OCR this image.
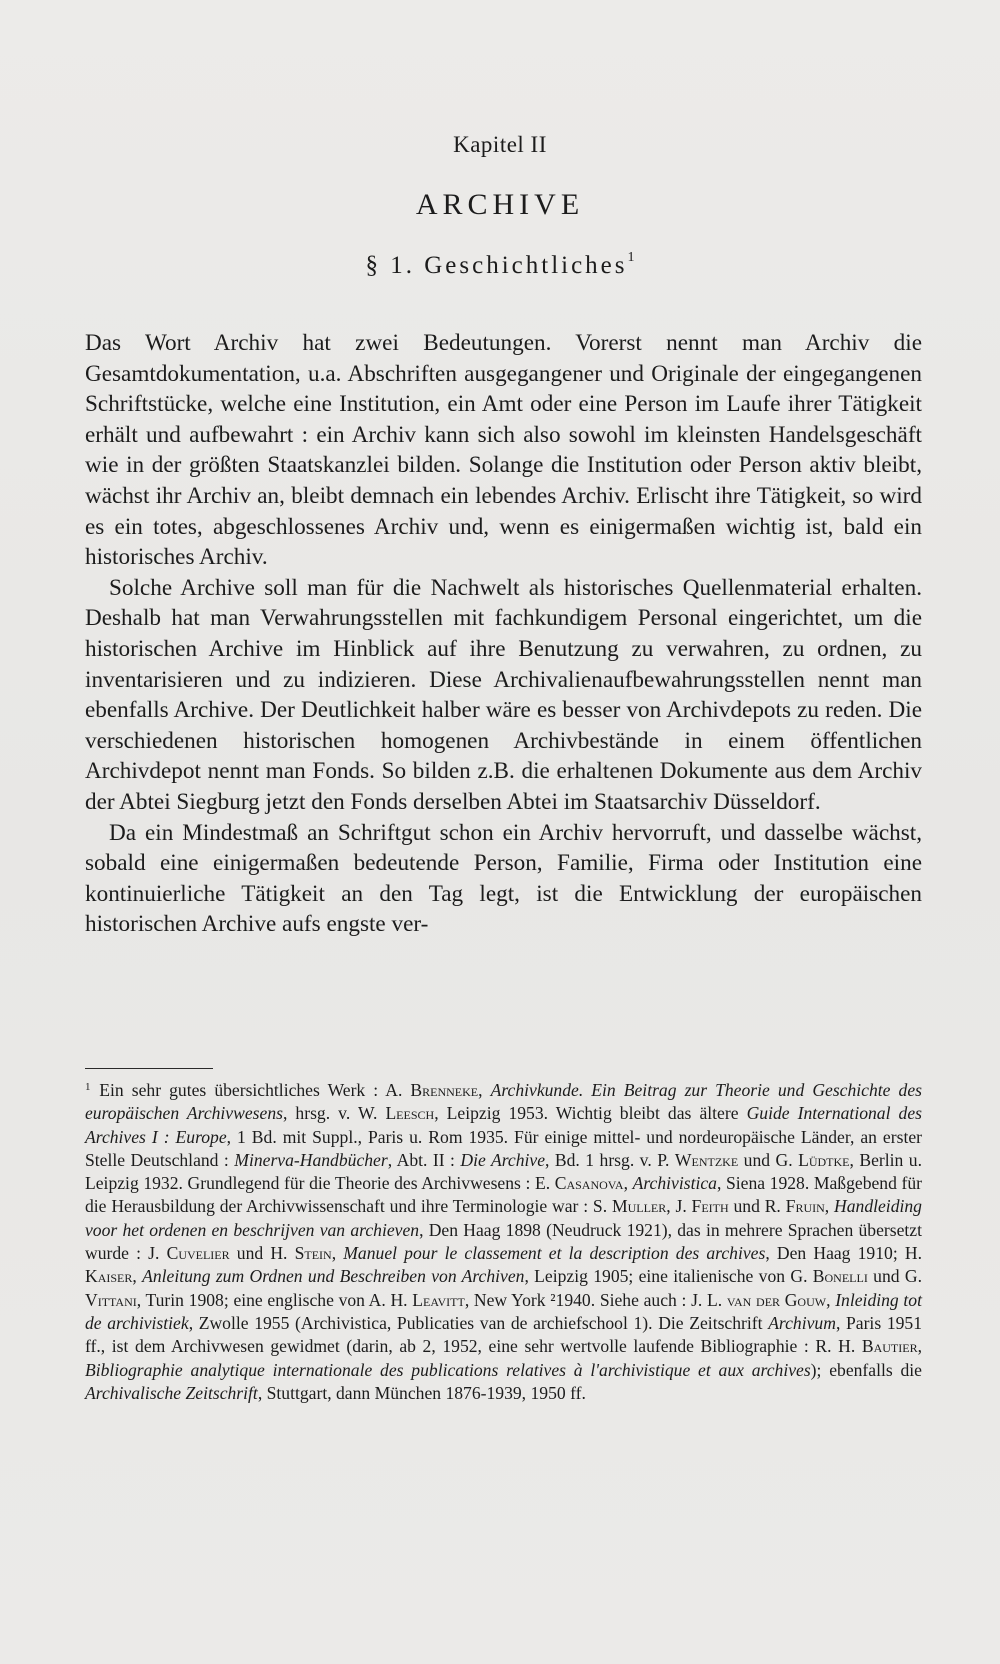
Kapitel II
ARCHIVE
§ 1. Geschichtliches$^1$

Das Wort Archiv hat zwei Bedeutungen. Vorerst nennt man Archiv die Gesamtdokumentation, u.a. Abschriften ausgegangener und Originale der eingegangenen Schriftstücke, welche eine Institution, ein Amt oder eine Person im Laufe ihrer Tätigkeit erhält und aufbewahrt : ein Archiv kann sich also sowohl im kleinsten Handelsgeschäft wie in der größten Staatskanzlei bilden. Solange die Institution oder Person aktiv bleibt, wächst ihr Archiv an, bleibt demnach ein lebendes Archiv. Erlischt ihre Tätigkeit, so wird es ein totes, abgeschlossenes Archiv und, wenn es einigermaßen wichtig ist, bald ein historisches Archiv.

Solche Archive soll man für die Nachwelt als historisches Quellenmaterial erhalten. Deshalb hat man Verwahrungsstellen mit fachkundigem Personal eingerichtet, um die historischen Archive im Hinblick auf ihre Benutzung zu verwahren, zu ordnen, zu inventarisieren und zu indizieren. Diese Archivalienaufbewahrungsstellen nennt man ebenfalls Archive. Der Deutlichkeit halber wäre es besser von Archivdepots zu reden. Die verschiedenen historischen homogenen Archivbestände in einem öffentlichen Archivdepot nennt man Fonds. So bilden z.B. die erhaltenen Dokumente aus dem Archiv der Abtei Siegburg jetzt den Fonds derselben Abtei im Staatsarchiv Düsseldorf.

Da ein Mindestmaß an Schriftgut schon ein Archiv hervorruft, und dasselbe wächst, sobald eine einigermaßen bedeutende Person, Familie, Firma oder Institution eine kontinuierliche Tätigkeit an den Tag legt, ist die Entwicklung der europäischen historischen Archive aufs engste ver-

$^1$  Ein sehr gutes übersichtliches Werk : A. Brenneke, Archivkunde. Ein Beitrag zur Theorie und Geschichte des europäischen Archivwesens, hrsg. v. W. Leesch, Leipzig 1953. Wichtig bleibt das ältere Guide International des Archives I : Europe, 1 Bd. mit Suppl., Paris u. Rom 1935. Für einige mittel- und nordeuropäische Länder, an erster Stelle Deutschland : Minerva-Handbücher, Abt. II : Die Archive, Bd. 1 hrsg. v. P. Wentzke und G. Lüdtke, Berlin u. Leipzig 1932. Grundlegend für die Theorie des Archivwesens : E. Casanova, Archivistica, Siena 1928. Maßgebend für die Herausbildung der Archivwissenschaft und ihre Terminologie war : S. Muller, J. Feith und R. Fruin, Handleiding voor het ordenen en beschrijven van archieven, Den Haag 1898 (Neudruck 1921), das in mehrere Sprachen übersetzt wurde : J. Cuvelier und H. Stein, Manuel pour le classement et la description des archives, Den Haag 1910; H. Kaiser, Anleitung zum Ordnen und Beschreiben von Archiven, Leipzig 1905; eine italienische von G. Bonelli und G. Vittani, Turin 1908; eine englische von A. H. Leavitt, New York ²1940. Siehe auch : J. L. van der Gouw, Inleiding tot de archivistiek, Zwolle 1955 (Archivistica, Publicaties van de archiefschool 1). Die Zeitschrift Archivum, Paris 1951 ff., ist dem Archivwesen gewidmet (darin, ab 2, 1952, eine sehr wertvolle laufende Bibliographie : R. H. Bautier, Bibliographie analytique internationale des publications relatives à l'archivistique et aux archives); ebenfalls die Archivalische Zeitschrift, Stuttgart, dann München 1876-1939, 1950 ff.
